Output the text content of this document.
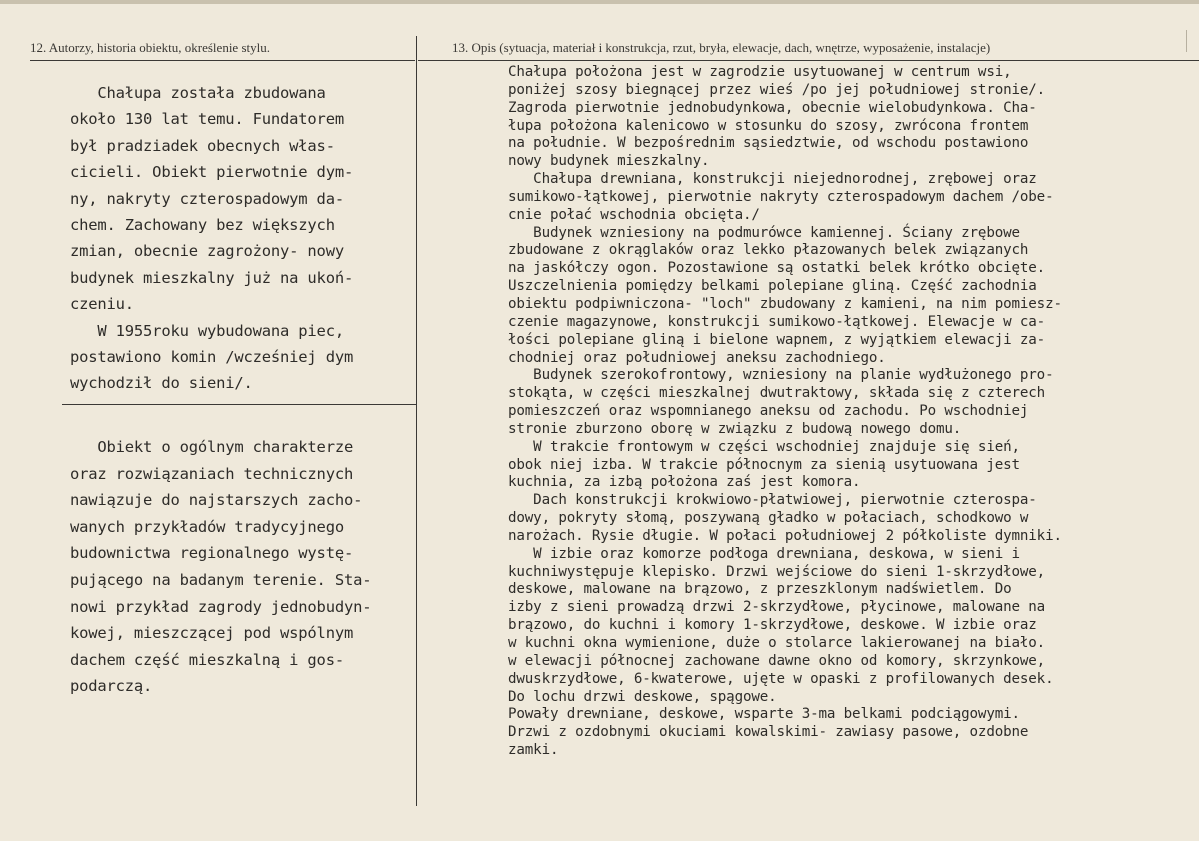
12. Autorzy, historia obiektu, określenie stylu.	13. Opis (sytuacja, materiał i konstrukcja, rzut, bryła, elewacje, dach, wnętrze, wyposażenie, instalacje)
Chałupa została zbudowana
około 130 lat temu. Fundatorem
był pradziadek obecnych włas-
cicieli. Obiekt pierwotnie dym-
ny, nakryty czterospadowym da-
chem. Zachowany bez większych
zmian, obecnie zagrożony- nowy
budynek mieszkalny już na ukoń-
czeniu.
W 1955roku wybudowana piec,
postawiono komin /wcześniej dym
wychodził do sieni/.
Obiekt o ogólnym charakterze
oraz rozwiązaniach technicznych
nawiązuje do najstarszych zacho-
wanych przykładów tradycyjnego
budownictwa regionalnego wystę-
pującego na badanym terenie. Sta-
nowi przykład zagrody jednobudyn-
kowej, mieszczącej pod wspólnym
dachem część mieszkalną i gos-
podarczą.
Chałupa położona jest w zagrodzie usytuowanej w centrum wsi,
poniżej szosy biegnącej przez wieś /po jej południowej stronie/.
Zagroda pierwotnie jednobudynkowa, obecnie wielobudynkowa. Cha-
łupa położona kalenicowo w stosunku do szosy, zwrócona frontem
na południe. W bezpośrednim sąsiedztwie, od wschodu postawiono
nowy budynek mieszkalny.
Chałupa drewniana, konstrukcji niejednorodnej, zrębowej oraz
sumikowo-łątkowej, pierwotnie nakryty czterospadowym dachem /obe-
cnie połać wschodnia obcięta./
Budynek wzniesiony na podmurówce kamiennej. Ściany zrębowe
zbudowane z okrąglaków oraz lekko płazowanych belek związanych
na jaskółczy ogon. Pozostawione są ostatki belek krótko obcięte.
Uszczelnienia pomiędzy belkami polepiane gliną. Część zachodnia
obiektu podpiwniczona- "loch" zbudowany z kamieni, na nim pomiesz-
czenie magazynowe, konstrukcji sumikowo-łątkowej. Elewacje w ca-
łości polepiane gliną i bielone wapnem, z wyjątkiem elewacji za-
chodniej oraz południowej aneksu zachodniego.
Budynek szerokofrontowy, wzniesiony na planie wydłużonego pro-
stokąta, w części mieszkalnej dwutraktowy, składa się z czterech
pomieszczeń oraz wspomnianego aneksu od zachodu. Po wschodniej
stronie zburzono oborę w związku z budową nowego domu.
W trakcie frontowym w części wschodniej znajduje się sień,
obok niej izba. W trakcie północnym za sienią usytuowana jest
kuchnia, za izbą położona zaś jest komora.
Dach konstrukcji krokwiowo-płatwiowej, pierwotnie czterospa-
dowy, pokryty słomą, poszywaną gładko w połaciach, schodkowo w
narożach. Rysie długie. W połaci południowej 2 półkoliste dymniki.
W izbie oraz komorze podłoga drewniana, deskowa, w sieni i
kuchniwystępuje klepisko. Drzwi wejściowe do sieni 1-skrzydłowe,
deskowe, malowane na brązowo, z przeszklonym nadświetlem. Do
izby z sieni prowadzą drzwi 2-skrzydłowe, płycinowe, malowane na
brązowo, do kuchni i komory 1-skrzydłowe, deskowe. W izbie oraz
w kuchni okna wymienione, duże o stolarce lakierowanej na biało.
w elewacji północnej zachowane dawne okno od komory, skrzynkowe,
dwuskrzydłowe, 6-kwaterowe, ujęte w opaski z profilowanych desek.
Do lochu drzwi deskowe, spągowe.
Powały drewniane, deskowe, wsparte 3-ma belkami podciągowymi.
Drzwi z ozdobnymi okuciami kowalskimi- zawiasy pasowe, ozdobne
zamki.
